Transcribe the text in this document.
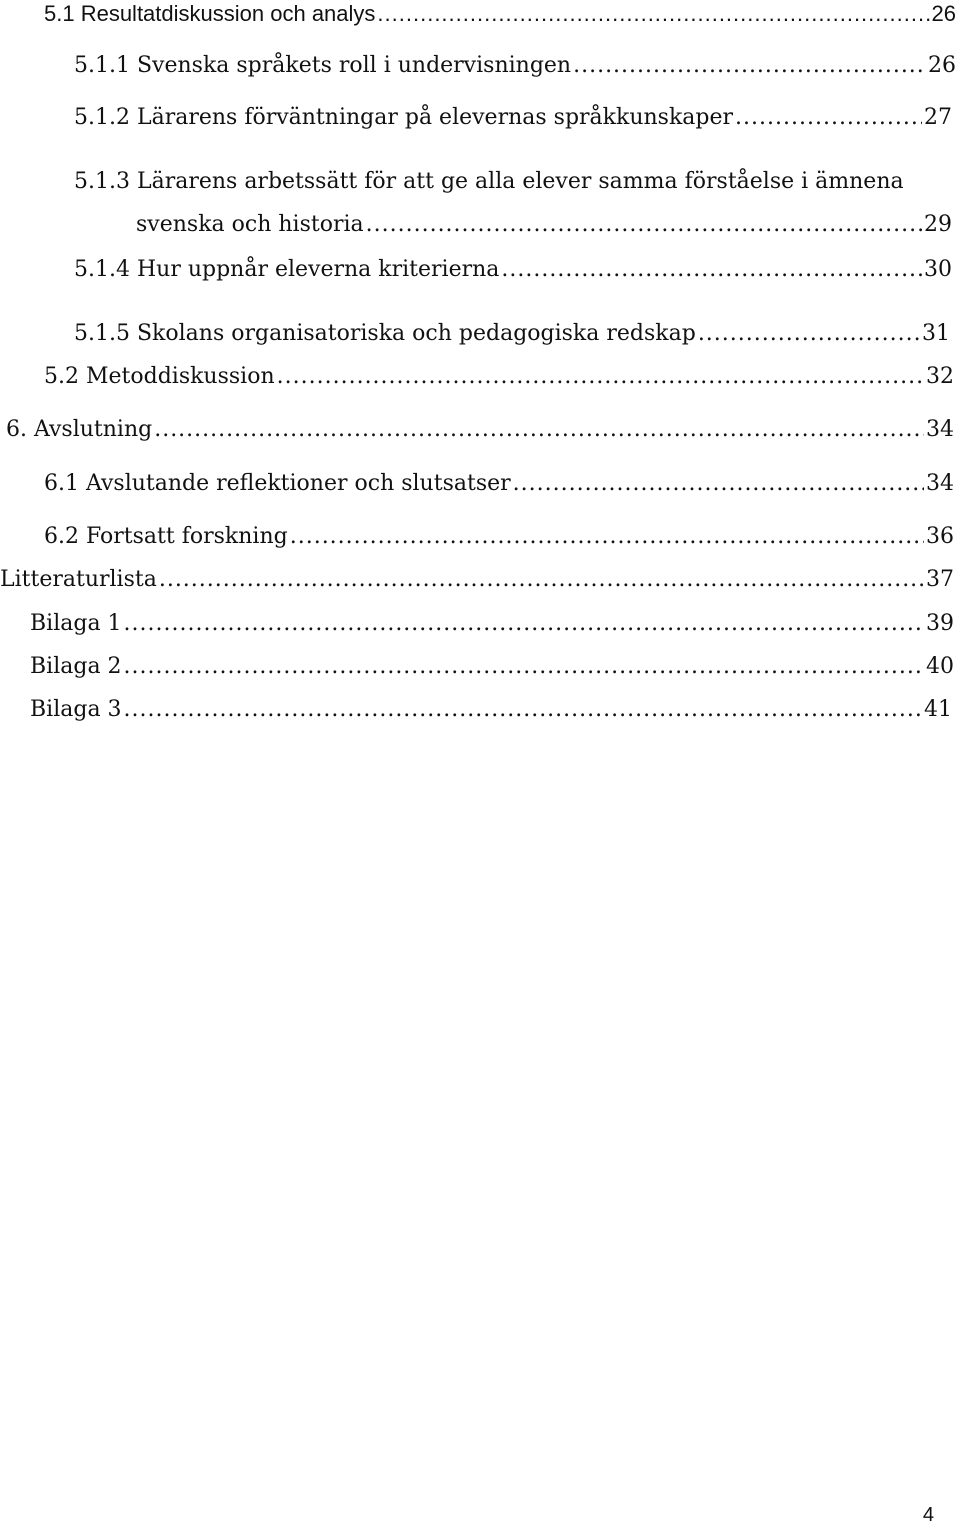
5.1 Resultatdiskussion och analys .....	26
5.1.1 Svenska språkets roll i undervisningen .....	26
5.1.2 Lärarens förväntningar på elevernas språkkunskaper .....	27
5.1.3 Lärarens arbetssätt för att ge alla elever samma förståelse i ämnena
svenska och historia .....	29
5.1.4 Hur uppnår eleverna kriterierna .....	30
5.1.5 Skolans organisatoriska och pedagogiska redskap .....	31
5.2 Metoddiskussion .....	32
6. Avslutning .....	34
6.1 Avslutande reflektioner och slutsatser .....	34
6.2 Fortsatt forskning .....	36
Litteraturlista .....	37
Bilaga 1 .....	39
Bilaga 2 .....	40
Bilaga 3 .....	41
4
